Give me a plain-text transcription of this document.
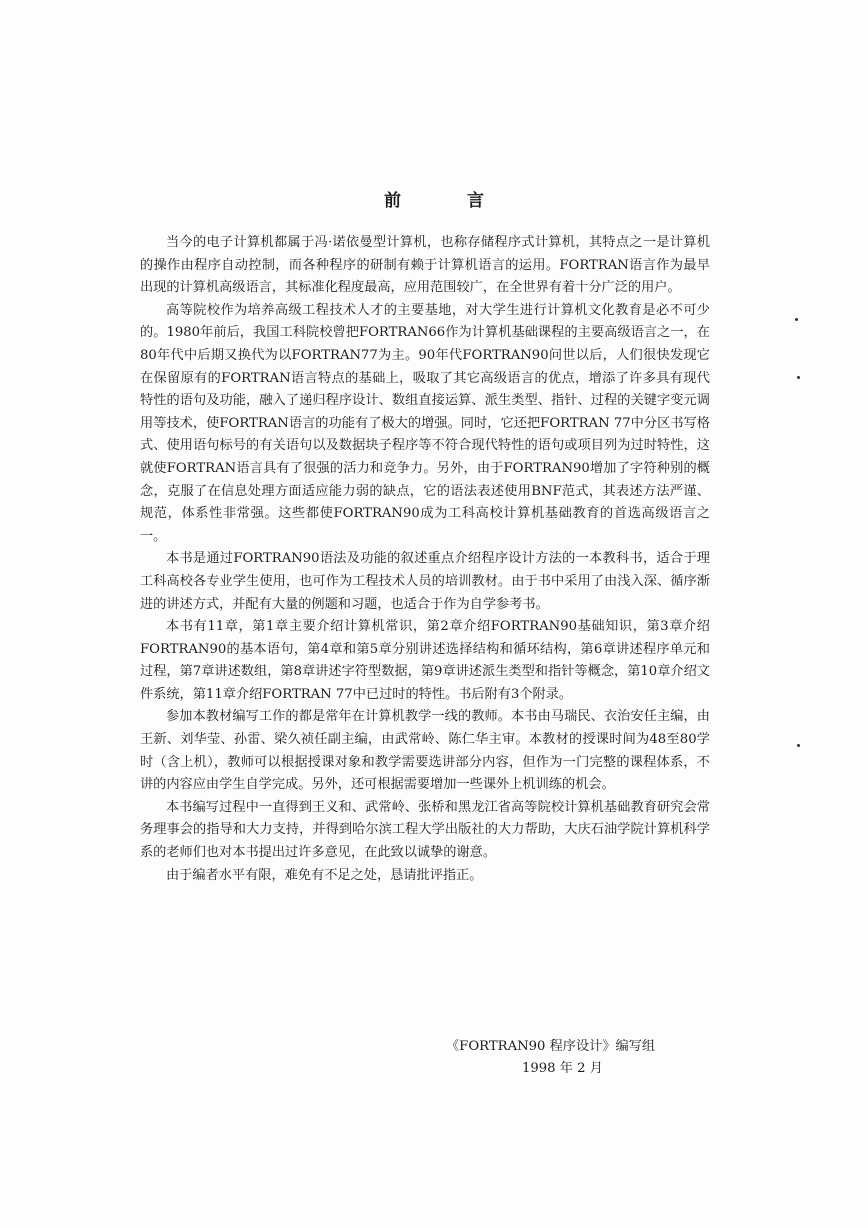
前 言

当今的电子计算机都属于冯·诺依曼型计算机，也称存储程序式计算机，其特点之一是计算机的操作由程序自动控制，而各种程序的研制有赖于计算机语言的运用。FORTRAN语言作为最早出现的计算机高级语言，其标准化程度最高，应用范围较广，在全世界有着十分广泛的用户。

高等院校作为培养高级工程技术人才的主要基地，对大学生进行计算机文化教育是必不可少的。1980年前后，我国工科院校曾把FORTRAN66作为计算机基础课程的主要高级语言之一，在80年代中后期又换代为以FORTRAN77为主。90年代FORTRAN90问世以后，人们很快发现它在保留原有的FORTRAN语言特点的基础上，吸取了其它高级语言的优点，增添了许多具有现代特性的语句及功能，融入了递归程序设计、数组直接运算、派生类型、指针、过程的关键字变元调用等技术，使FORTRAN语言的功能有了极大的增强。同时，它还把FORTRAN 77中分区书写格式、使用语句标号的有关语句以及数据块子程序等不符合现代特性的语句或项目列为过时特性，这就使FORTRAN语言具有了很强的活力和竞争力。另外，由于FORTRAN90增加了字符种别的概念，克服了在信息处理方面适应能力弱的缺点，它的语法表述使用BNF范式，其表述方法严谨、规范，体系性非常强。这些都使FORTRAN90成为工科高校计算机基础教育的首选高级语言之一。

本书是通过FORTRAN90语法及功能的叙述重点介绍程序设计方法的一本教科书，适合于理工科高校各专业学生使用，也可作为工程技术人员的培训教材。由于书中采用了由浅入深、循序渐进的讲述方式，并配有大量的例题和习题，也适合于作为自学参考书。

本书有11章，第1章主要介绍计算机常识，第2章介绍FORTRAN90基础知识，第3章介绍FORTRAN90的基本语句，第4章和第5章分别讲述选择结构和循环结构，第6章讲述程序单元和过程，第7章讲述数组，第8章讲述字符型数据，第9章讲述派生类型和指针等概念，第10章介绍文件系统，第11章介绍FORTRAN 77中已过时的特性。书后附有3个附录。

参加本教材编写工作的都是常年在计算机教学一线的教师。本书由马瑞民、衣治安任主编，由王新、刘华莹、孙雷、梁久祯任副主编，由武常岭、陈仁华主审。本教材的授课时间为48至80学时（含上机），教师可以根据授课对象和教学需要选讲部分内容，但作为一门完整的课程体系，不讲的内容应由学生自学完成。另外，还可根据需要增加一些课外上机训练的机会。

本书编写过程中一直得到王义和、武常岭、张桥和黑龙江省高等院校计算机基础教育研究会常务理事会的指导和大力支持，并得到哈尔滨工程大学出版社的大力帮助，大庆石油学院计算机科学系的老师们也对本书提出过许多意见，在此致以诚挚的谢意。

由于编者水平有限，难免有不足之处，恳请批评指正。

《FORTRAN90 程序设计》编写组
1998 年 2 月
